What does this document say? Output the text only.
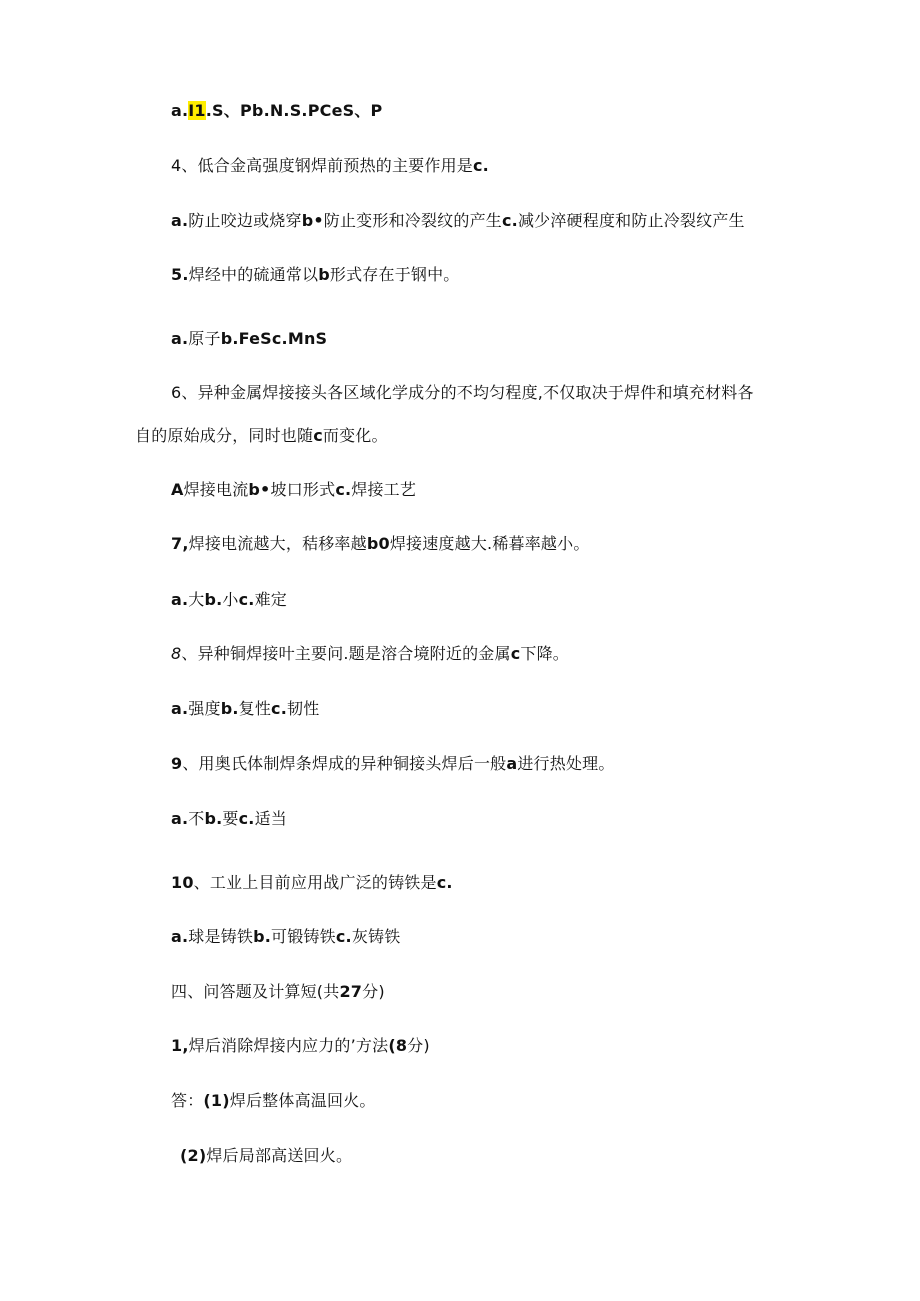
a.I1.S、Pb.N.S.PCeS、P
4、低合金高强度钢焊前预热的主要作用是c.
a.防止咬边或烧穿b•防止变形和冷裂纹的产生c.减少淬硬程度和防止冷裂纹产生
5.焊经中的硫通常以b形式存在于钢中。
a.原子b.FeSc.MnS
6、异种金属焊接接头各区域化学成分的不均匀程度,不仅取决于焊件和填充材料各
自的原始成分，同时也随c而变化。
A焊接电流b•坡口形式c.焊接工艺
7,焊接电流越大，秸移率越b0焊接速度越大.稀暮率越小。
a.大b.小c.难定
8、异种铜焊接叶主要问.题是溶合境附近的金属c下降。
a.强度b.复性c.韧性
9、用奥氏体制焊条焊成的异种铜接头焊后一般a进行热处理。
a.不b.要c.适当
10、工业上目前应用战广泛的铸铁是c.
a.球是铸铁b.可锻铸铁c.灰铸铁
四、问答题及计算短(共27分)
1,焊后消除焊接内应力的’方法(8分)
答：(1)焊后整体高温回火。
(2)焊后局部高送回火。
